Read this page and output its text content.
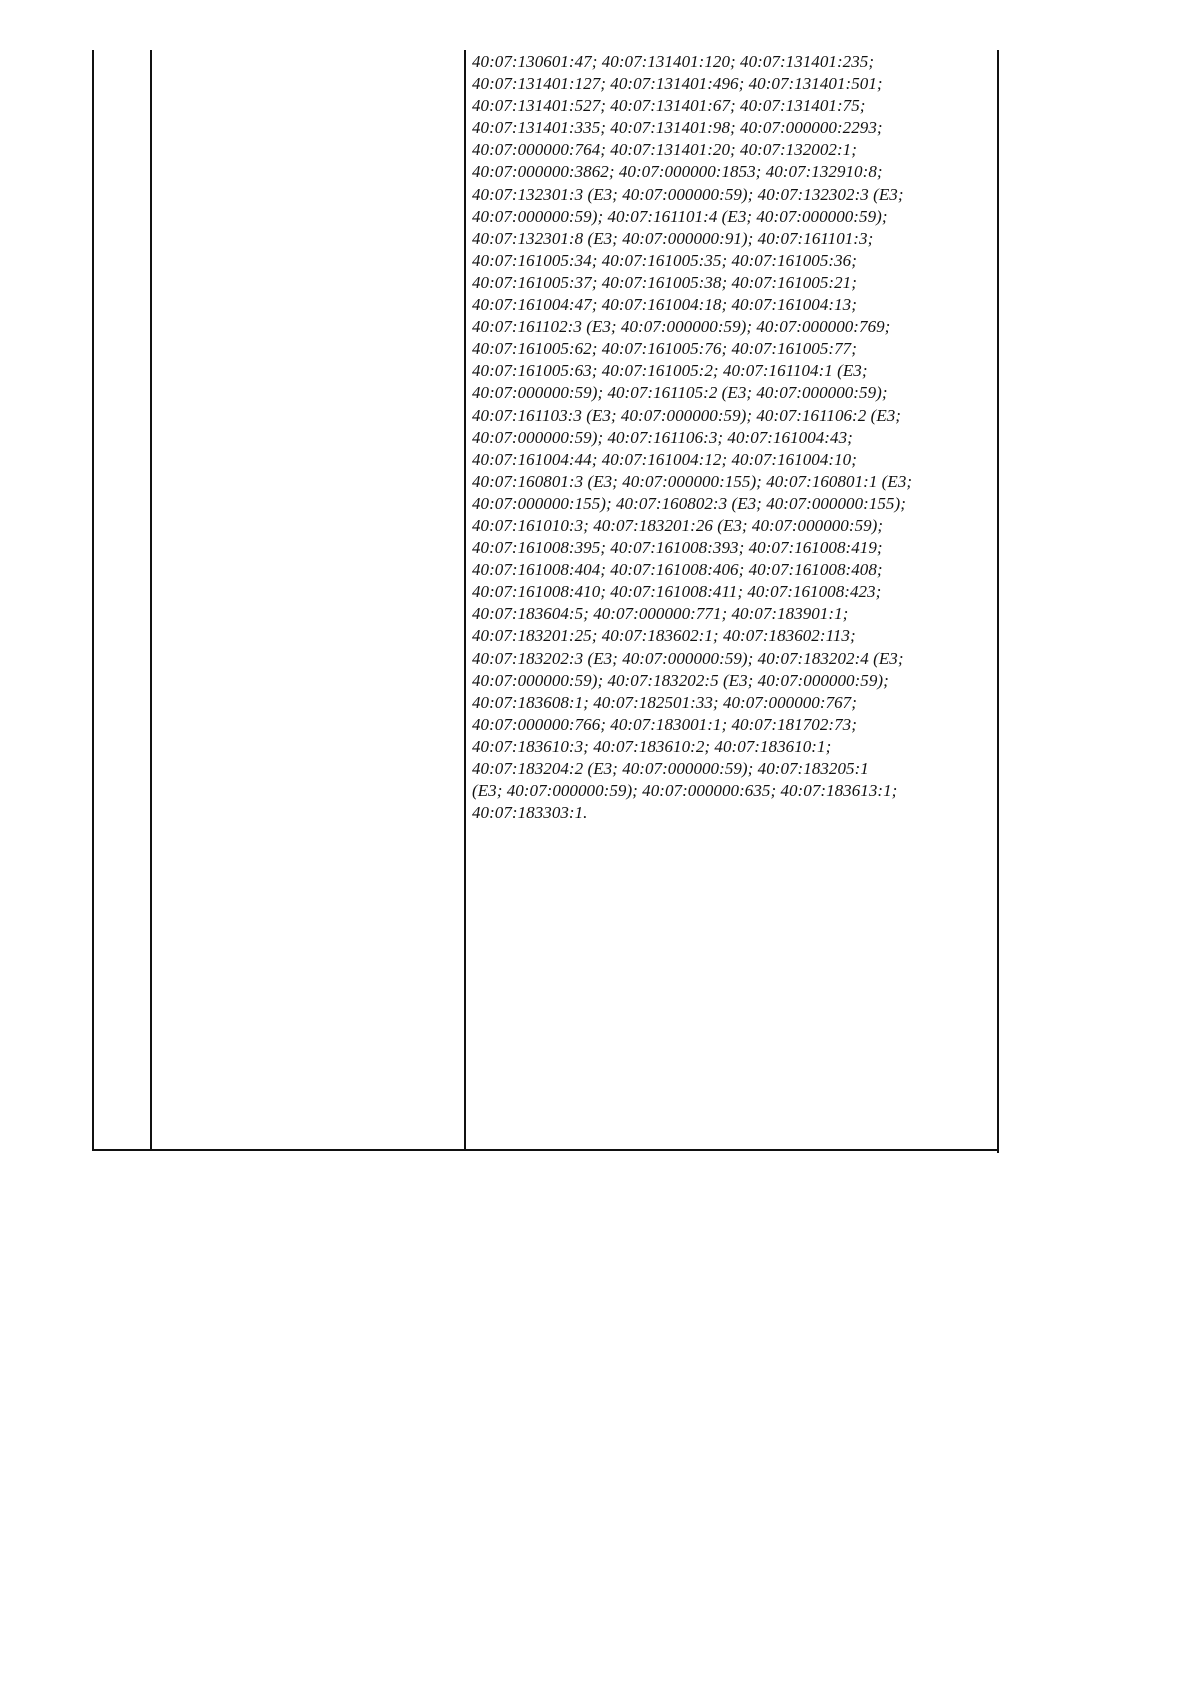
40:07:130601:47; 40:07:131401:120; 40:07:131401:235;
40:07:131401:127; 40:07:131401:496; 40:07:131401:501;
40:07:131401:527; 40:07:131401:67; 40:07:131401:75;
40:07:131401:335; 40:07:131401:98; 40:07:000000:2293;
40:07:000000:764; 40:07:131401:20; 40:07:132002:1;
40:07:000000:3862; 40:07:000000:1853; 40:07:132910:8;
40:07:132301:3 (E3; 40:07:000000:59); 40:07:132302:3 (E3;
40:07:000000:59); 40:07:161101:4 (E3; 40:07:000000:59);
40:07:132301:8 (E3; 40:07:000000:91); 40:07:161101:3;
40:07:161005:34; 40:07:161005:35; 40:07:161005:36;
40:07:161005:37; 40:07:161005:38; 40:07:161005:21;
40:07:161004:47; 40:07:161004:18; 40:07:161004:13;
40:07:161102:3 (E3; 40:07:000000:59); 40:07:000000:769;
40:07:161005:62; 40:07:161005:76; 40:07:161005:77;
40:07:161005:63; 40:07:161005:2; 40:07:161104:1 (E3;
40:07:000000:59); 40:07:161105:2 (E3; 40:07:000000:59);
40:07:161103:3 (E3; 40:07:000000:59); 40:07:161106:2 (E3;
40:07:000000:59); 40:07:161106:3; 40:07:161004:43;
40:07:161004:44; 40:07:161004:12; 40:07:161004:10;
40:07:160801:3 (E3; 40:07:000000:155); 40:07:160801:1 (E3;
40:07:000000:155); 40:07:160802:3 (E3; 40:07:000000:155);
40:07:161010:3; 40:07:183201:26 (E3; 40:07:000000:59);
40:07:161008:395; 40:07:161008:393; 40:07:161008:419;
40:07:161008:404; 40:07:161008:406; 40:07:161008:408;
40:07:161008:410; 40:07:161008:411; 40:07:161008:423;
40:07:183604:5; 40:07:000000:771; 40:07:183901:1;
40:07:183201:25; 40:07:183602:1; 40:07:183602:113;
40:07:183202:3 (E3; 40:07:000000:59); 40:07:183202:4 (E3;
40:07:000000:59); 40:07:183202:5 (E3; 40:07:000000:59);
40:07:183608:1; 40:07:182501:33; 40:07:000000:767;
40:07:000000:766; 40:07:183001:1; 40:07:181702:73;
40:07:183610:3; 40:07:183610:2; 40:07:183610:1;
40:07:183204:2 (E3; 40:07:000000:59); 40:07:183205:1
(E3; 40:07:000000:59); 40:07:000000:635; 40:07:183613:1;
40:07:183303:1.
